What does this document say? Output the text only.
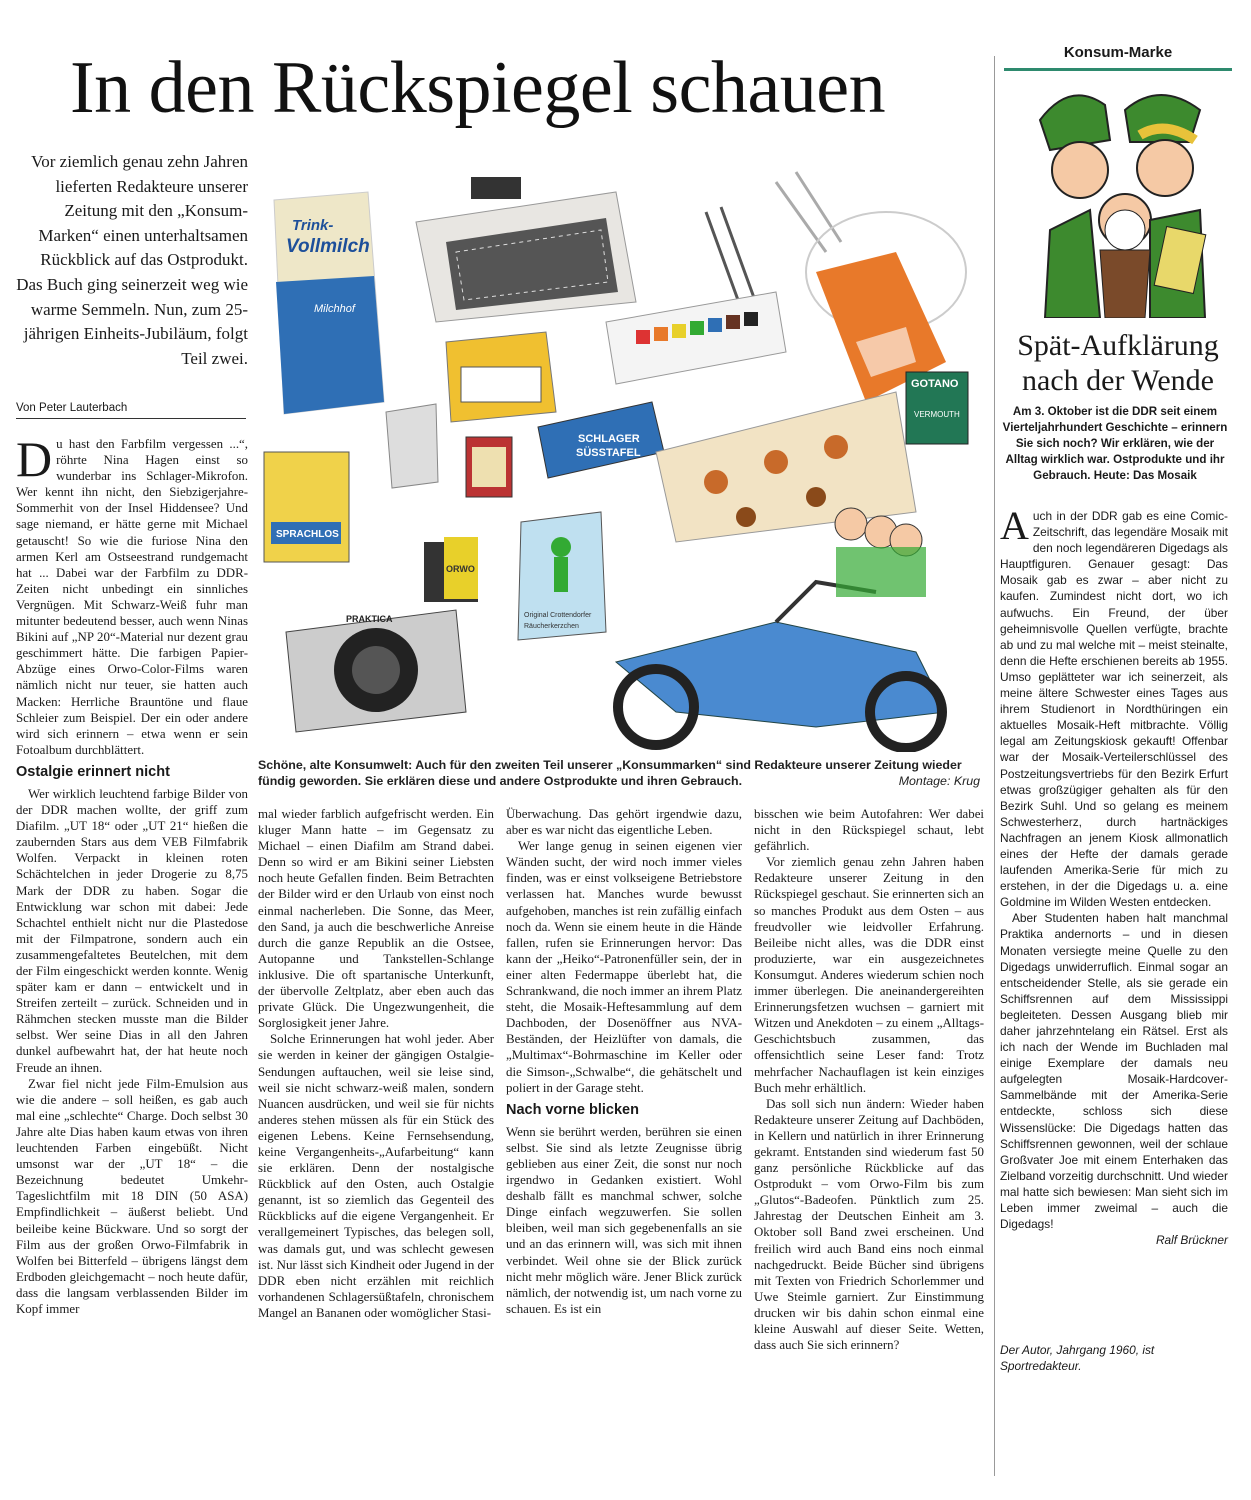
In den Rückspiegel schauen
Vor ziemlich genau zehn Jahren lieferten Redakteure unserer Zeitung mit den „Konsum-Marken“ einen unterhaltsamen Rückblick auf das Ostprodukt. Das Buch ging seinerzeit weg wie warme Semmeln. Nun, zum 25-jährigen Einheits-Jubiläum, folgt Teil zwei.
Von Peter Lauterbach

Du hast den Farbfilm vergessen ...“, röhrte Nina Hagen einst so wunderbar ins Schlager-Mikrofon. Wer kennt ihn nicht, den Siebzigerjahre-Sommerhit von der Insel Hiddensee? Und sage niemand, er hätte gerne mit Michael getauscht! So wie die furiose Nina den armen Kerl am Ostseestrand rundgemacht hat ... Dabei war der Farbfilm zu DDR-Zeiten nicht unbedingt ein sinnliches Vergnügen. Mit Schwarz-Weiß fuhr man mitunter bedeutend besser, auch wenn Ninas Bikini auf „NP 20“-Material nur dezent grau geschimmert hätte. Die farbigen Papier-Abzüge eines Orwo-Color-Films waren nämlich nicht nur teuer, sie hatten auch Macken: Herrliche Brauntöne und flaue Schleier zum Beispiel. Der ein oder andere wird sich erinnern – etwa wenn er sein Fotoalbum durchblättert.

Ostalgie erinnert nicht

Wer wirklich leuchtend farbige Bilder von der DDR machen wollte, der griff zum Diafilm. „UT 18“ oder „UT 21“ hießen die zaubernden Stars aus dem VEB Filmfabrik Wolfen. Verpackt in kleinen roten Schächtelchen in jeder Drogerie zu 8,75 Mark der DDR zu haben. Sogar die Entwicklung war schon mit dabei: Jede Schachtel enthielt nicht nur die Plastedose mit der Filmpatrone, sondern auch ein zusammengefaltetes Beutelchen, mit dem der Film eingeschickt werden konnte. Wenig später kam er dann – entwickelt und in Streifen zerteilt – zurück. Schneiden und in Rähmchen stecken musste man die Bilder selbst. Wer seine Dias in all den Jahren dunkel aufbewahrt hat, der hat heute noch Freude an ihnen.

Zwar fiel nicht jede Film-Emulsion aus wie die andere – soll heißen, es gab auch mal eine „schlechte“ Charge. Doch selbst 30 Jahre alte Dias haben kaum etwas von ihren leuchtenden Farben eingebüßt. Nicht umsonst war der „UT 18“ – die Bezeichnung bedeutet Umkehr-Tageslichtfilm mit 18 DIN (50 ASA) Empfindlichkeit – äußerst beliebt. Und beileibe keine Bückware. Und so sorgt der Film aus der großen Orwo-Filmfabrik in Wolfen bei Bitterfeld – übrigens längst dem Erdboden gleichgemacht – noch heute dafür, dass die langsam verblassenden Bilder im Kopf immer

Trink-
Vollmilch
Milchhof
SCHLAGER
SÜSSTAFEL
GOTANO
VERMOUTH
SPRACHLOS
ORWO
Original Crottendorfer
Räucherkerzchen
PRAKTICA
Schöne, alte Konsumwelt: Auch für den zweiten Teil unserer „Konsummarken“ sind Redakteure unserer Zeitung wieder fündig geworden. Sie erklären diese und andere Ostprodukte und ihren Gebrauch.	Montage: Krug

mal wieder farblich aufgefrischt werden. Ein kluger Mann hatte – im Gegensatz zu Michael – einen Diafilm am Strand dabei. Denn so wird er am Bikini seiner Liebsten noch heute Gefallen finden. Beim Betrachten der Bilder wird er den Urlaub von einst noch einmal nacherleben. Die Sonne, das Meer, den Sand, ja auch die beschwerliche Anreise durch die ganze Republik an die Ostsee, Autopanne und Tankstellen-Schlange inklusive. Die oft spartanische Unterkunft, der übervolle Zeltplatz, aber eben auch das private Glück. Die Ungezwungenheit, die Sorglosigkeit jener Jahre.

Solche Erinnerungen hat wohl jeder. Aber sie werden in keiner der gängigen Ostalgie-Sendungen auftauchen, weil sie leise sind, weil sie nicht schwarz-weiß malen, sondern Nuancen ausdrücken, und weil sie für nichts anderes stehen müssen als für ein Stück des eigenen Lebens. Keine Fernsehsendung, keine Vergangenheits-„Aufarbeitung“ kann sie erklären. Denn der nostalgische Rückblick auf den Osten, auch Ostalgie genannt, ist so ziemlich das Gegenteil des Rückblicks auf die eigene Vergangenheit. Er verallgemeinert Typisches, das belegen soll, was damals gut, und was schlecht gewesen ist. Nur lässt sich Kindheit oder Jugend in der DDR eben nicht erzählen mit reichlich vorhandenen Schlagersüßtafeln, chronischem Mangel an Bananen oder womöglicher Stasi-

Überwachung. Das gehört irgendwie dazu, aber es war nicht das eigentliche Leben.

Wer lange genug in seinen eigenen vier Wänden sucht, der wird noch immer vieles finden, was er einst volkseigene Betriebstore verlassen hat. Manches wurde bewusst aufgehoben, manches ist rein zufällig einfach noch da. Wenn sie einem heute in die Hände fallen, rufen sie Erinnerungen hervor: Das kann der „Heiko“-Patronenfüller sein, der in einer alten Federmappe überlebt hat, die Schrankwand, die noch immer an ihrem Platz steht, die Mosaik-Heftesammlung auf dem Dachboden, der Dosenöffner aus NVA-Beständen, der Heizlüfter von damals, die „Multimax“-Bohrmaschine im Keller oder die Simson-„Schwalbe“, die gehätschelt und poliert in der Garage steht.

Nach vorne blicken

Wenn sie berührt werden, berühren sie einen selbst. Sie sind als letzte Zeugnisse übrig geblieben aus einer Zeit, die sonst nur noch irgendwo in Gedanken existiert. Wohl deshalb fällt es manchmal schwer, solche Dinge einfach wegzuwerfen. Sie sollen bleiben, weil man sich gegebenenfalls an sie und an das erinnern will, was sich mit ihnen verbindet. Weil ohne sie der Blick zurück nicht mehr möglich wäre. Jener Blick zurück nämlich, der notwendig ist, um nach vorne zu schauen. Es ist ein

bisschen wie beim Autofahren: Wer dabei nicht in den Rückspiegel schaut, lebt gefährlich.

Vor ziemlich genau zehn Jahren haben Redakteure unserer Zeitung in den Rückspiegel geschaut. Sie erinnerten sich an so manches Produkt aus dem Osten – aus freudvoller wie leidvoller Erfahrung. Beileibe nicht alles, was die DDR einst produzierte, war ein ausgezeichnetes Konsumgut. Anderes wiederum schien noch immer überlegen. Die aneinandergereihten Erinnerungsfetzen wuchsen – garniert mit Witzen und Anekdoten – zu einem „Alltags-Geschichtsbuch zusammen, das offensichtlich seine Leser fand: Trotz mehrfacher Nachauflagen ist kein einziges Buch mehr erhältlich.

Das soll sich nun ändern: Wieder haben Redakteure unserer Zeitung auf Dachböden, in Kellern und natürlich in ihrer Erinnerung gekramt. Entstanden sind wiederum fast 50 ganz persönliche Rückblicke auf das Ostprodukt – vom Orwo-Film bis zum „Glutos“-Badeofen. Pünktlich zum 25. Jahrestag der Deutschen Einheit am 3. Oktober soll Band zwei erscheinen. Und freilich wird auch Band eins noch einmal nachgedruckt. Beide Bücher sind übrigens mit Texten von Friedrich Schorlemmer und Uwe Steimle garniert. Zur Einstimmung drucken wir bis dahin schon einmal eine kleine Auswahl auf dieser Seite. Wetten, dass auch Sie sich erinnern?

Konsum-Marke
Spät-Aufklärung nach der Wende
Am 3. Oktober ist die DDR seit einem Vierteljahrhundert Geschichte – erinnern Sie sich noch? Wir erklären, wie der Alltag wirklich war. Ostprodukte und ihr Gebrauch. Heute: Das Mosaik

Auch in der DDR gab es eine Comic-Zeitschrift, das legendäre Mosaik mit den noch legendäreren Digedags als Hauptfiguren. Genauer gesagt: Das Mosaik gab es zwar – aber nicht zu kaufen. Zumindest nicht dort, wo ich aufwuchs. Ein Freund, der über geheimnisvolle Quellen verfügte, brachte ab und zu mal welche mit – meist steinalte, denn die Hefte erschienen bereits ab 1955. Umso geplätteter war ich seinerzeit, als meine ältere Schwester eines Tages aus ihrem Studienort in Nordthüringen ein aktuelles Mosaik-Heft mitbrachte. Völlig legal am Zeitungskiosk gekauft! Offenbar war der Mosaik-Verteilerschlüssel des Postzeitungsvertriebs für den Bezirk Erfurt etwas großzügiger gehalten als für den Bezirk Suhl. Und so gelang es meinem Schwesterherz, durch hartnäckiges Nachfragen an jenem Kiosk allmonatlich eines der Hefte der damals gerade laufenden Amerika-Serie für mich zu erstehen, in der die Digedags u. a. eine Goldmine im Wilden Westen entdecken.

Aber Studenten haben halt manchmal Praktika andernorts – und in diesen Monaten versiegte meine Quelle zu den Digedags unwiderruflich. Einmal sogar an entscheidender Stelle, als sie gerade ein Schiffsrennen auf dem Mississippi begleiteten. Dessen Ausgang blieb mir daher jahrzehntelang ein Rätsel. Erst als ich nach der Wende im Buchladen mal einige Exemplare der damals neu aufgelegten Mosaik-Hardcover-Sammelbände mit der Amerika-Serie entdeckte, schloss sich diese Wissenslücke: Die Digedags hatten das Schiffsrennen gewonnen, weil der schlaue Großvater Joe mit einem Enterhaken das Zielband vorzeitig durchschnitt. Und wieder mal hatte sich bewiesen: Man sieht sich im Leben immer zweimal – auch die Digedags!

Ralf Brückner

Der Autor, Jahrgang 1960, ist Sportredakteur.
